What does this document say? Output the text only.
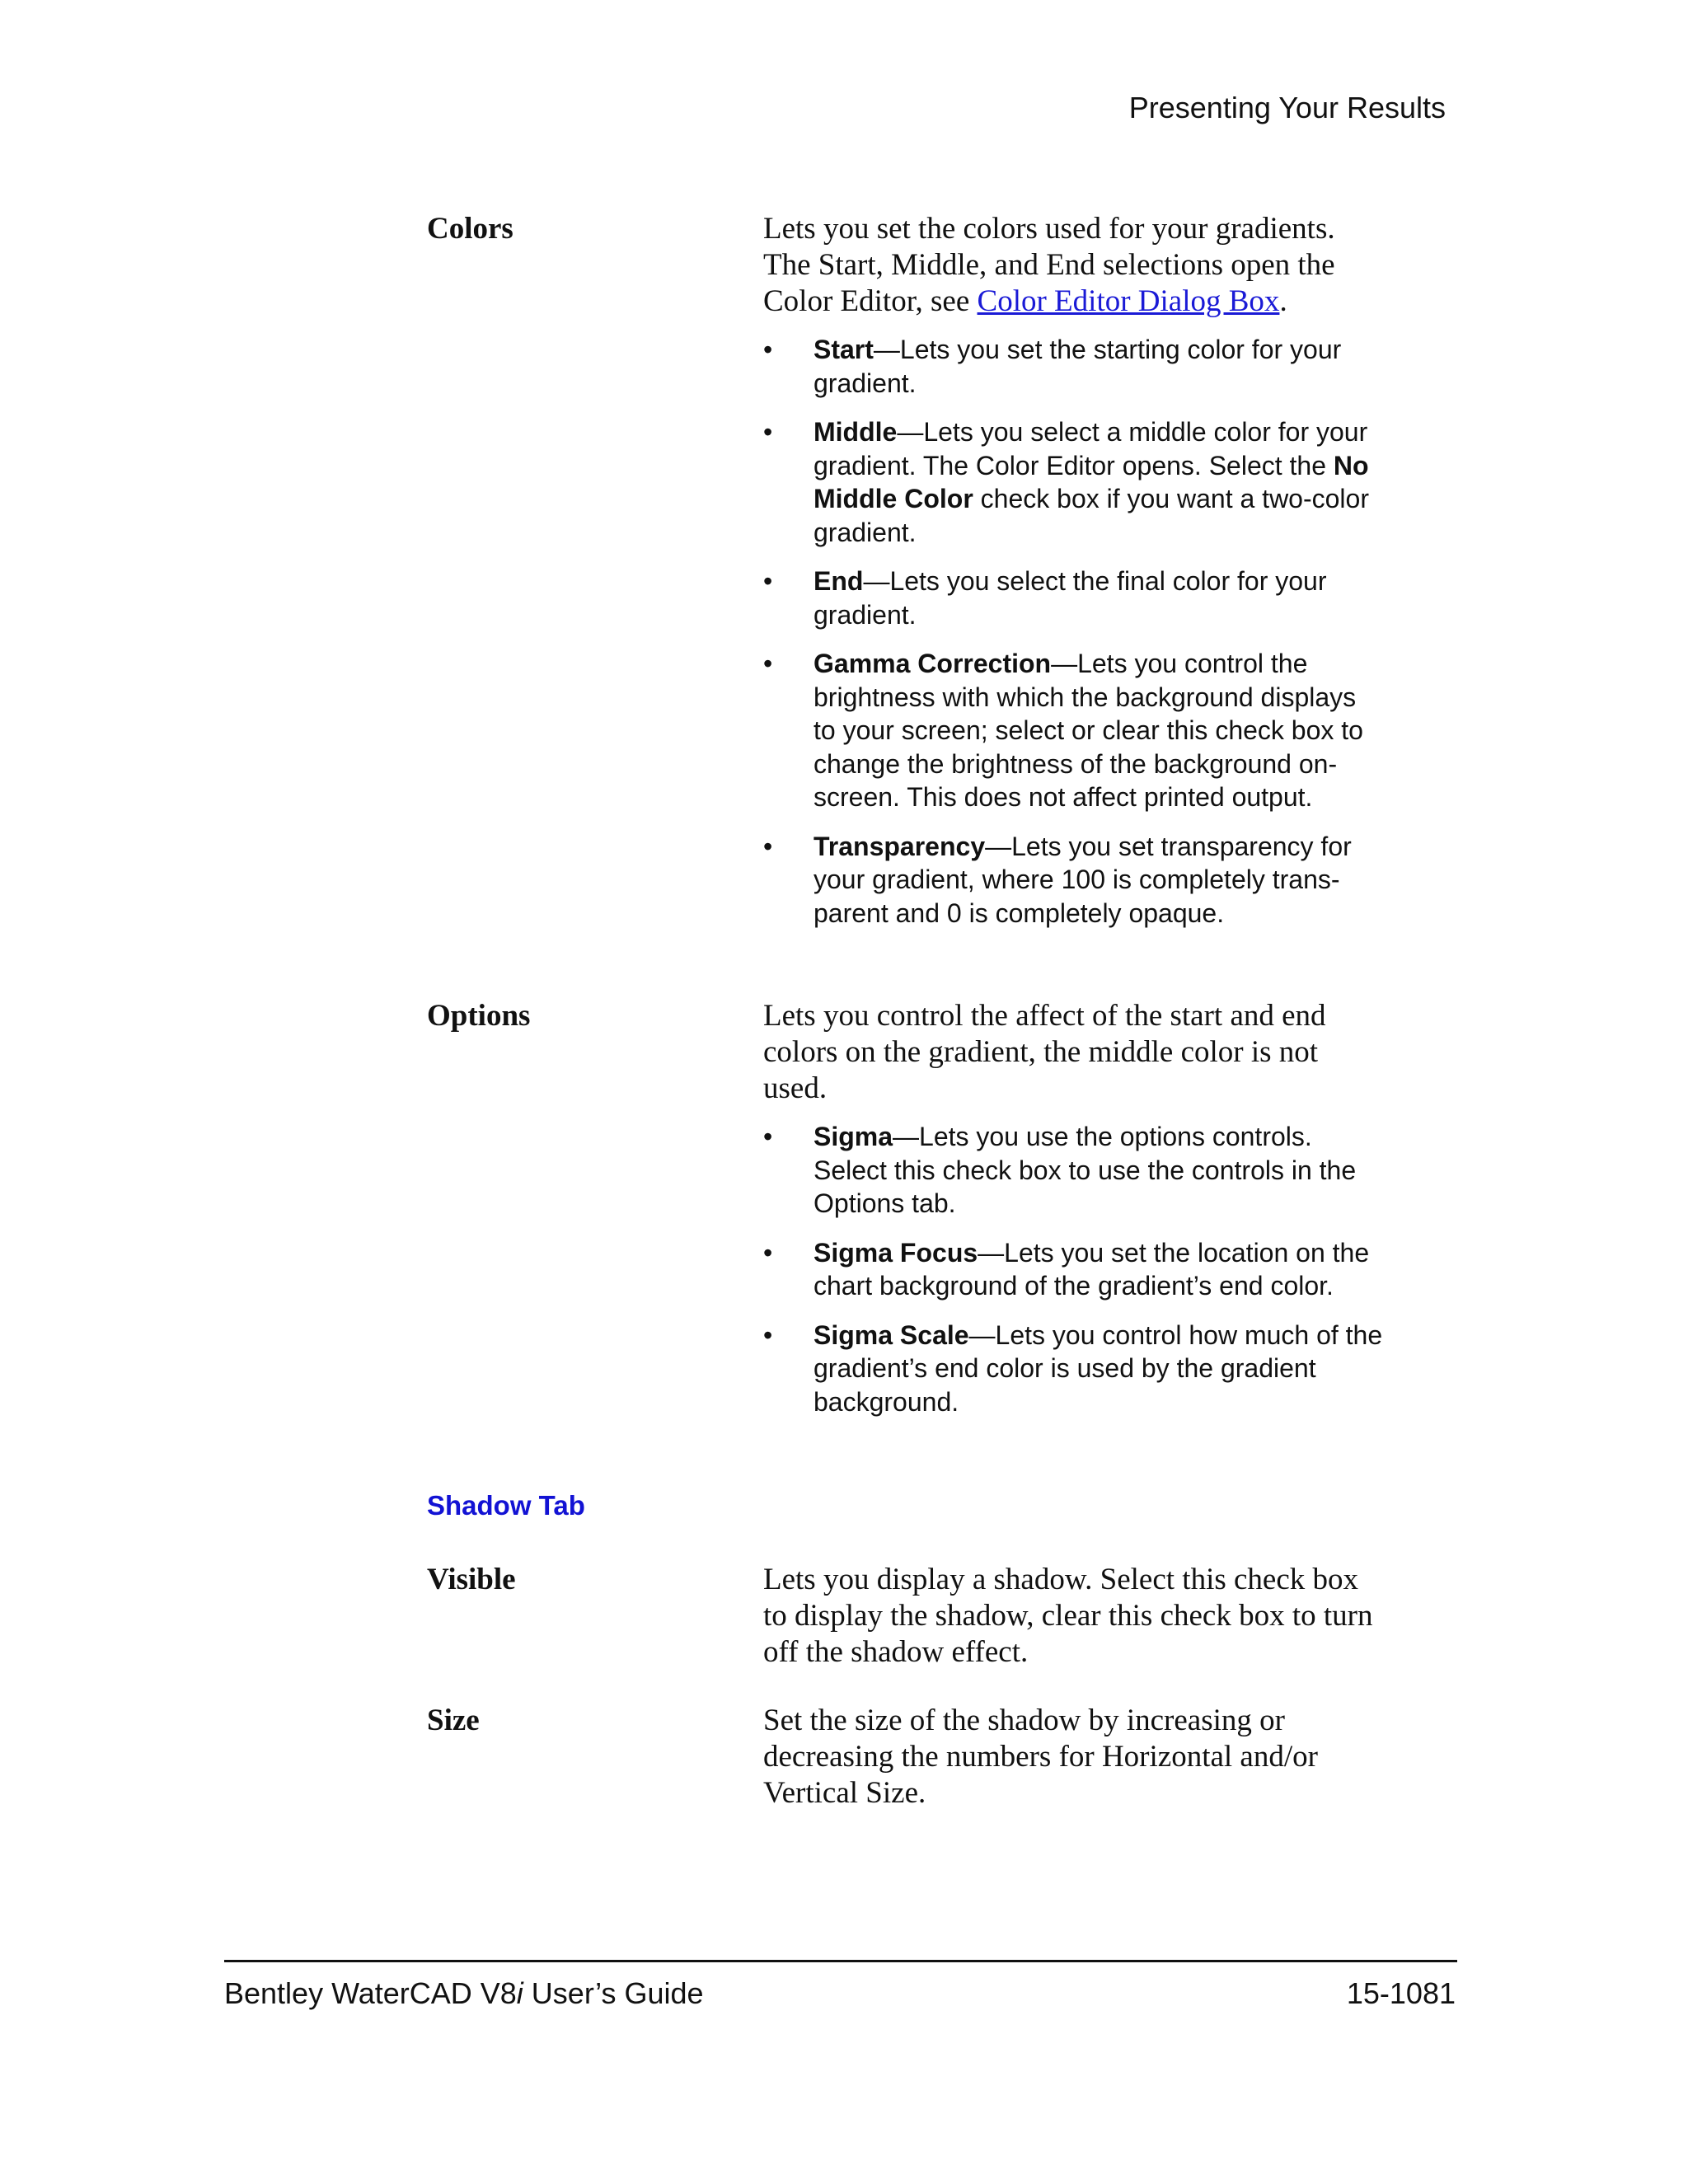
Presenting Your Results
Colors	Lets you set the colors used for your gradients. The Start, Middle, and End selections open the Color Editor, see Color Editor Dialog Box.

• Start—Lets you set the starting color for your gradient.
• Middle—Lets you select a middle color for your gradient. The Color Editor opens. Select the No Middle Color check box if you want a two-color gradient.
• End—Lets you select the final color for your gradient.
• Gamma Correction—Lets you control the brightness with which the background displays to your screen; select or clear this check box to change the brightness of the background on-screen. This does not affect printed output.
• Transparency—Lets you set transparency for your gradient, where 100 is completely trans-parent and 0 is completely opaque.
Options	Lets you control the affect of the start and end colors on the gradient, the middle color is not used.

• Sigma—Lets you use the options controls. Select this check box to use the controls in the Options tab.
• Sigma Focus—Lets you set the location on the chart background of the gradient’s end color.
• Sigma Scale—Lets you control how much of the gradient’s end color is used by the gradient background.
Shadow Tab
Visible	Lets you display a shadow. Select this check box to display the shadow, clear this check box to turn off the shadow effect.
Size	Set the size of the shadow by increasing or decreasing the numbers for Horizontal and/or Vertical Size.
Bentley WaterCAD V8i User’s Guide	15-1081
